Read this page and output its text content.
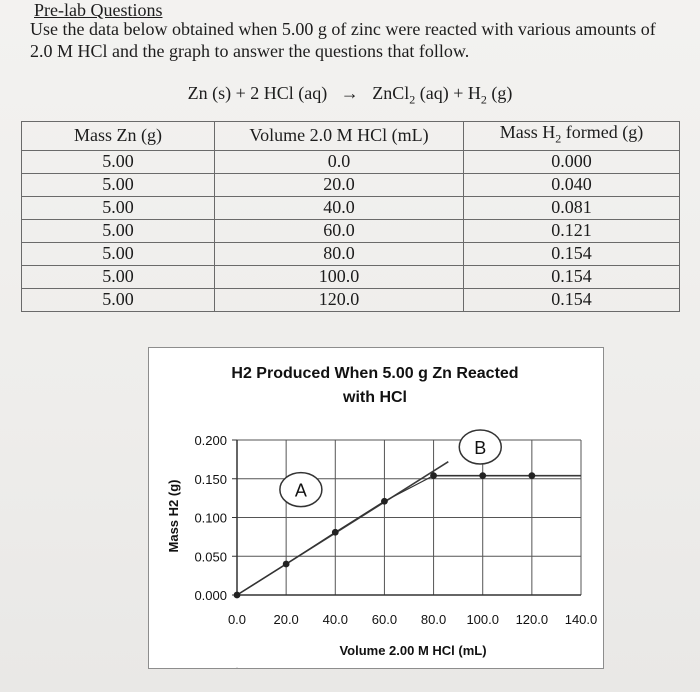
Pre-lab Questions

Use the data below obtained when 5.00 g of zinc were reacted with various amounts of 2.0 M HCl and the graph to answer the questions that follow.

Zn (s) + 2 HCl (aq) → ZnCl$_2$ $(aq) + H_2$ (g)

Mass Zn (g)	Volume 2.0 M HCl (mL)	Mass $H_2$ formed (g)
5.00	0.0	0.000
5.00	20.0	0.040
5.00	40.0	0.081
5.00	60.0	0.121
5.00	80.0	0.154
5.00	100.0	0.154
5.00	120.0	0.154
H2 Produced When 5.00 g Zn Reacted
with HCl
Mass H2 (g)
Volume 2.00 M HCl (mL)
0.000
0.050
0.100
0.150
0.200
0.0 20.0 40.0 60.0 80.0 100.0 120.0 140.0
A
B
